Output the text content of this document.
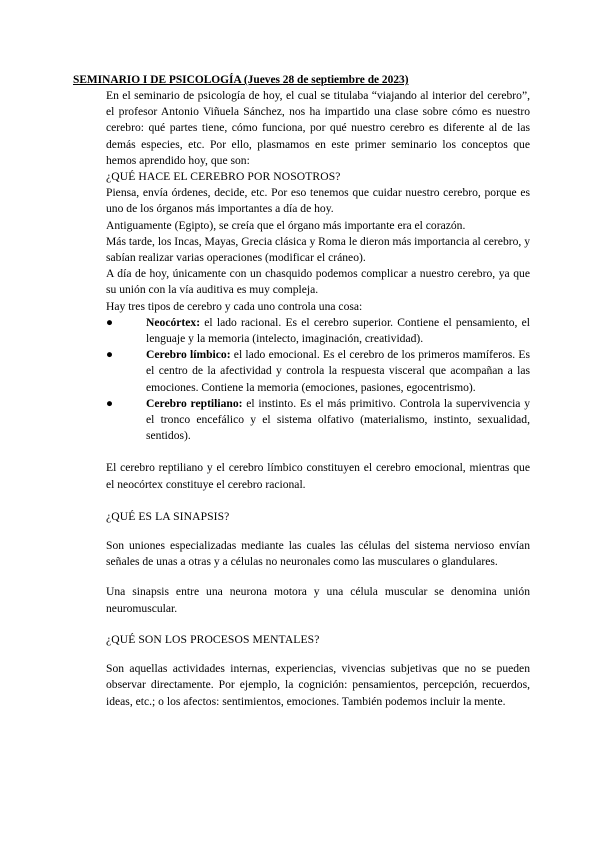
SEMINARIO I DE PSICOLOGÍA (Jueves 28 de septiembre de 2023)

En el seminario de psicología de hoy, el cual se titulaba “viajando al interior del cerebro”, el profesor Antonio Viñuela Sánchez, nos ha impartido una clase sobre cómo es nuestro cerebro: qué partes tiene, cómo funciona, por qué nuestro cerebro es diferente al de las demás especies, etc. Por ello, plasmamos en este primer seminario los conceptos que hemos aprendido hoy, que son:

¿QUÉ HACE EL CEREBRO POR NOSOTROS?

Piensa, envía órdenes, decide, etc. Por eso tenemos que cuidar nuestro cerebro, porque es uno de los órganos más importantes a día de hoy.

Antiguamente (Egipto), se creía que el órgano más importante era el corazón.

Más tarde, los Incas, Mayas, Grecia clásica y Roma le dieron más importancia al cerebro, y sabían realizar varias operaciones (modificar el cráneo).

A día de hoy, únicamente con un chasquido podemos complicar a nuestro cerebro, ya que su unión con la vía auditiva es muy compleja.

Hay tres tipos de cerebro y cada uno controla una cosa:

●	Neocórtex: el lado racional. Es el cerebro superior. Contiene el pensamiento, el lenguaje y la memoria (intelecto, imaginación, creatividad).
●	Cerebro límbico: el lado emocional. Es el cerebro de los primeros mamíferos. Es el centro de la afectividad y controla la respuesta visceral que acompañan a las emociones. Contiene la memoria (emociones, pasiones, egocentrismo).
●	Cerebro reptiliano: el instinto. Es el más primitivo. Controla la supervivencia y el tronco encefálico y el sistema olfativo (materialismo, instinto, sexualidad, sentidos).

El cerebro reptiliano y el cerebro límbico constituyen el cerebro emocional, mientras que el neocórtex constituye el cerebro racional.

¿QUÉ ES LA SINAPSIS?

Son uniones especializadas mediante las cuales las células del sistema nervioso envían señales de unas a otras y a células no neuronales como las musculares o glandulares.

Una sinapsis entre una neurona motora y una célula muscular se denomina unión neuromuscular.

¿QUÉ SON LOS PROCESOS MENTALES?

Son aquellas actividades internas, experiencias, vivencias subjetivas que no se pueden observar directamente. Por ejemplo, la cognición: pensamientos, percepción, recuerdos, ideas, etc.; o los afectos: sentimientos, emociones. También podemos incluir la mente.
